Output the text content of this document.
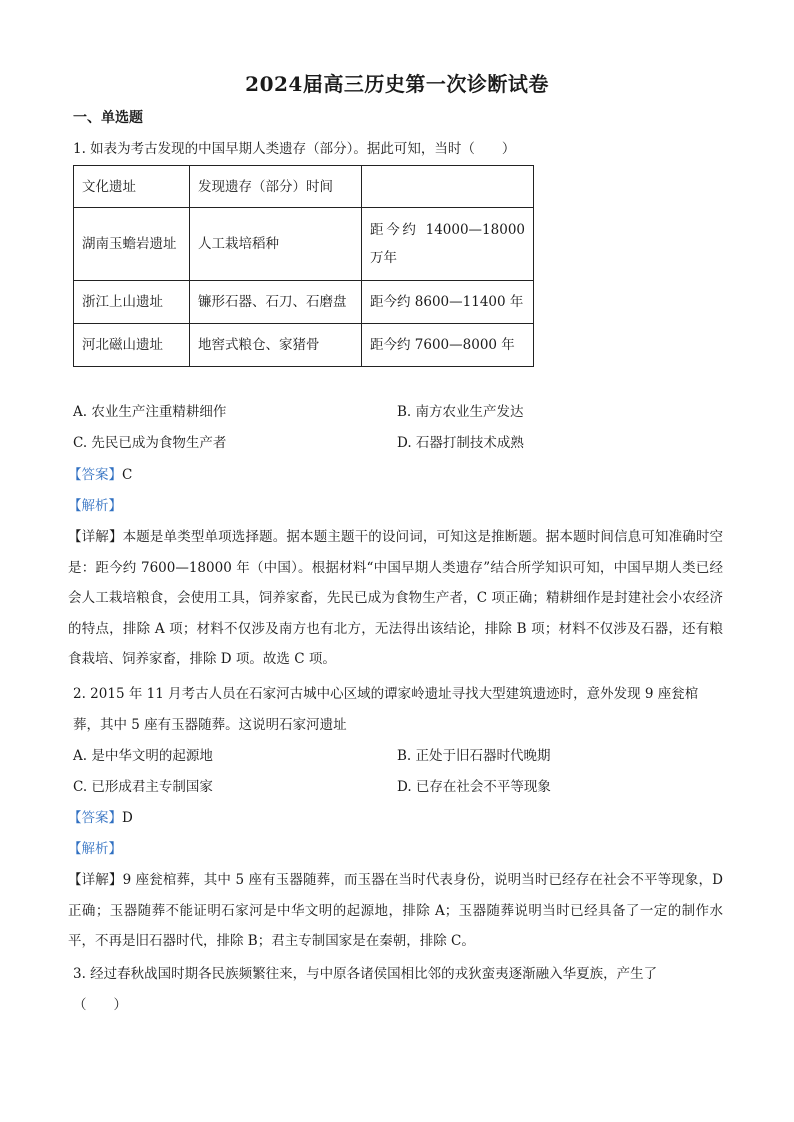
2024届高三历史第一次诊断试卷
一、单选题
1. 如表为考古发现的中国早期人类遗存（部分）。据此可知，当时（　　）
文化遗址	发现遗存（部分）时间	
湖南玉蟾岩遗址	人工栽培稻种	距今约 14000—18000 万年
浙江上山遗址	镰形石器、石刀、石磨盘	距今约 8600—11400 年
河北磁山遗址	地窖式粮仓、家猪骨	距今约 7600—8000 年
A. 农业生产注重精耕细作	B. 南方农业生产发达
C. 先民已成为食物生产者	D. 石器打制技术成熟
【答案】C
【解析】
【详解】本题是单类型单项选择题。据本题主题干的设问词，可知这是推断题。据本题时间信息可知准确时空是：距今约 7600—18000 年（中国）。根据材料“中国早期人类遗存”结合所学知识可知，中国早期人类已经会人工栽培粮食，会使用工具，饲养家畜，先民已成为食物生产者，C 项正确；精耕细作是封建社会小农经济的特点，排除 A 项；材料不仅涉及南方也有北方，无法得出该结论，排除 B 项；材料不仅涉及石器，还有粮食栽培、饲养家畜，排除 D 项。故选 C 项。
2. 2015 年 11 月考古人员在石家河古城中心区域的谭家岭遗址寻找大型建筑遗迹时，意外发现 9 座瓮棺
葬，其中 5 座有玉器随葬。这说明石家河遗址
A. 是中华文明的起源地	B. 正处于旧石器时代晚期
C. 已形成君主专制国家	D. 已存在社会不平等现象
【答案】D
【解析】
【详解】9 座瓮棺葬，其中 5 座有玉器随葬，而玉器在当时代表身份，说明当时已经存在社会不平等现象，D 正确；玉器随葬不能证明石家河是中华文明的起源地，排除 A；玉器随葬说明当时已经具备了一定的制作水平，不再是旧石器时代，排除 B；君主专制国家是在秦朝，排除 C。
3. 经过春秋战国时期各民族频繁往来，与中原各诸侯国相比邻的戎狄蛮夷逐渐融入华夏族，产生了
（　　）
